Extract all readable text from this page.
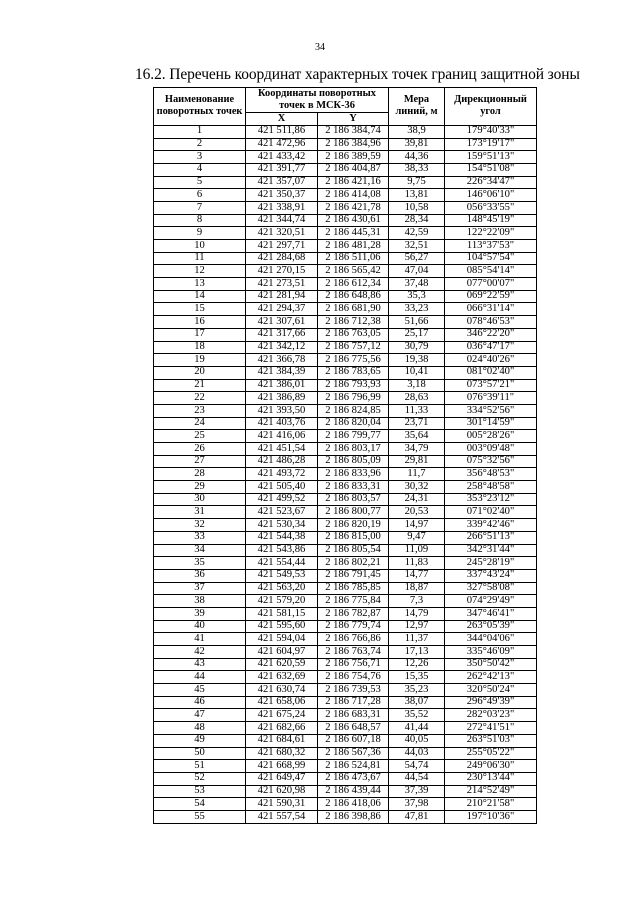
34
16.2. Перечень координат характерных точек границ защитной зоны
Наименование поворотных точек	Координаты поворотных точек в МСК-36		Мера линий, м	Дирекционный угол
	X	Y		
1	421 511,86	2 186 384,74	38,9	179°40'33"
2	421 472,96	2 186 384,96	39,81	173°19'17"
3	421 433,42	2 186 389,59	44,36	159°51'13"
4	421 391,77	2 186 404,87	38,33	154°51'08"
5	421 357,07	2 186 421,16	9,75	226°34'47"
6	421 350,37	2 186 414,08	13,81	146°06'10"
7	421 338,91	2 186 421,78	10,58	056°33'55"
8	421 344,74	2 186 430,61	28,34	148°45'19"
9	421 320,51	2 186 445,31	42,59	122°22'09"
10	421 297,71	2 186 481,28	32,51	113°37'53"
11	421 284,68	2 186 511,06	56,27	104°57'54"
12	421 270,15	2 186 565,42	47,04	085°54'14"
13	421 273,51	2 186 612,34	37,48	077°00'07"
14	421 281,94	2 186 648,86	35,3	069°22'59"
15	421 294,37	2 186 681,90	33,23	066°31'14"
16	421 307,61	2 186 712,38	51,66	078°46'53"
17	421 317,66	2 186 763,05	25,17	346°22'20"
18	421 342,12	2 186 757,12	30,79	036°47'17"
19	421 366,78	2 186 775,56	19,38	024°40'26"
20	421 384,39	2 186 783,65	10,41	081°02'40"
21	421 386,01	2 186 793,93	3,18	073°57'21"
22	421 386,89	2 186 796,99	28,63	076°39'11"
23	421 393,50	2 186 824,85	11,33	334°52'56"
24	421 403,76	2 186 820,04	23,71	301°14'59"
25	421 416,06	2 186 799,77	35,64	005°28'26"
26	421 451,54	2 186 803,17	34,79	003°09'48"
27	421 486,28	2 186 805,09	29,81	075°32'56"
28	421 493,72	2 186 833,96	11,7	356°48'53"
29	421 505,40	2 186 833,31	30,32	258°48'58"
30	421 499,52	2 186 803,57	24,31	353°23'12"
31	421 523,67	2 186 800,77	20,53	071°02'40"
32	421 530,34	2 186 820,19	14,97	339°42'46"
33	421 544,38	2 186 815,00	9,47	266°51'13"
34	421 543,86	2 186 805,54	11,09	342°31'44"
35	421 554,44	2 186 802,21	11,83	245°28'19"
36	421 549,53	2 186 791,45	14,77	337°43'24"
37	421 563,20	2 186 785,85	18,87	327°58'08"
38	421 579,20	2 186 775,84	7,3	074°29'49"
39	421 581,15	2 186 782,87	14,79	347°46'41"
40	421 595,60	2 186 779,74	12,97	263°05'39"
41	421 594,04	2 186 766,86	11,37	344°04'06"
42	421 604,97	2 186 763,74	17,13	335°46'09"
43	421 620,59	2 186 756,71	12,26	350°50'42"
44	421 632,69	2 186 754,76	15,35	262°42'13"
45	421 630,74	2 186 739,53	35,23	320°50'24"
46	421 658,06	2 186 717,28	38,07	296°49'39"
47	421 675,24	2 186 683,31	35,52	282°03'23"
48	421 682,66	2 186 648,57	41,44	272°41'51"
49	421 684,61	2 186 607,18	40,05	263°51'03"
50	421 680,32	2 186 567,36	44,03	255°05'22"
51	421 668,99	2 186 524,81	54,74	249°06'30"
52	421 649,47	2 186 473,67	44,54	230°13'44"
53	421 620,98	2 186 439,44	37,39	214°52'49"
54	421 590,31	2 186 418,06	37,98	210°21'58"
55	421 557,54	2 186 398,86	47,81	197°10'36"
